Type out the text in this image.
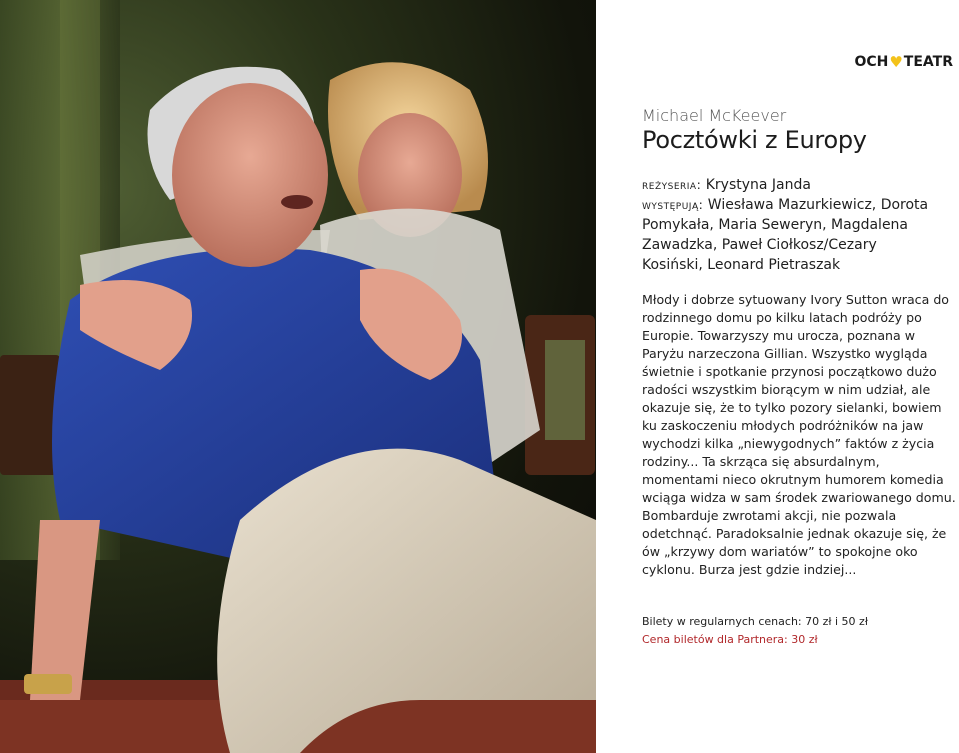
OCH ♥ TEATR
Michael McKeever
Pocztówki z Europy
reżyseria: Krystyna Janda
występują: Wiesława Mazurkiewicz, Dorota Pomykała, Maria Seweryn, Magdalena Zawadzka, Paweł Ciołkosz/Cezary Kosiński, Leonard Pietraszak
Młody i dobrze sytuowany Ivory Sutton wraca do rodzinnego domu po kilku latach podróży po Europie. Towarzyszy mu urocza, poznana w Paryżu narzeczona Gillian. Wszystko wygląda świetnie i spotkanie przynosi początkowo dużo radości wszystkim biorącym w nim udział, ale okazuje się, że to tylko pozory sielanki, bowiem ku zaskoczeniu młodych podróżników na jaw wychodzi kilka „niewygodnych” faktów z życia rodziny... Ta skrząca się absurdalnym, momentami nieco okrutnym humorem komedia wciąga widza w sam środek zwariowanego domu. Bombarduje zwrotami akcji, nie pozwala odetchnąć. Paradoksalnie jednak okazuje się, że ów „krzywy dom wariatów” to spokojne oko cyklonu. Burza jest gdzie indziej...
Bilety w regularnych cenach: 70 zł i 50 zł
Cena biletów dla Partnera: 30 zł
